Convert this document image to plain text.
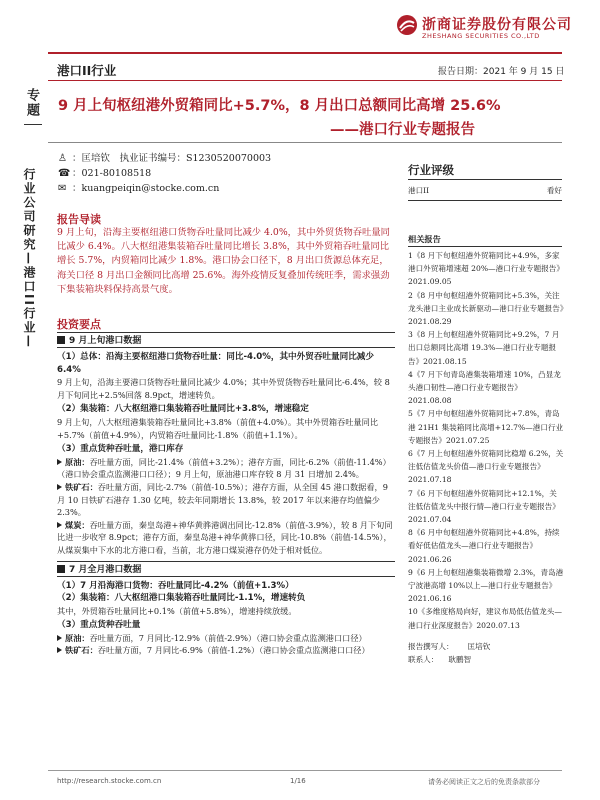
浙商证券股份有限公司
ZHESHANG SECURITIES CO.,LTD
港口II行业	报告日期：2021 年 9 月 15 日
专题
行业公司研究—港口II行业—
9 月上旬枢纽港外贸箱同比+5.7%，8 月出口总额同比高增 25.6%
——港口行业专题报告
♙ ：匡培钦　执业证书编号：S1230520070003
☎ ：021-80108518
✉ ：kuangpeiqin@stocke.com.cn
报告导读
9 月上旬，沿海主要枢纽港口货物吞吐量同比减少 4.0%，其中外贸货物吞吐量同比减少 6.4%。八大枢纽港集装箱吞吐量同比增长 3.8%，其中外贸箱吞吐量同比增长 5.7%，内贸箱同比减少 1.8%。港口协会口径下，8 月出口货源总体充足，海关口径 8 月出口金额同比高增 25.6%。海外疫情反复叠加传统旺季，需求强劲下集装箱块料保持高景气度。
投资要点
9 月上旬港口数据
（1）总体：沿海主要枢纽港口货物吞吐量：同比-4.0%，其中外贸吞吐量同比减少 6.4%
9 月上旬，沿海主要港口货物吞吐量同比减少 4.0%；其中外贸货物吞吐量同比-6.4%，较 8 月下旬同比+2.5%回落 8.9pct，增速转负。
（2）集装箱：八大枢纽港口集装箱吞吐量同比+3.8%，增速稳定
9 月上旬，八大枢纽港集装箱吞吐量同比+3.8%（前值+4.0%）。其中外贸箱吞吐量同比+5.7%（前值+4.9%），内贸箱吞吐量同比-1.8%（前值+1.1%）。
（3）重点货种吞吐量，港口库存
原油：吞吐量方面，同比-21.4%（前值+3.2%）；港存方面，同比-6.2%（前值-11.4%）（港口协会重点监测港口口径）；9 月上旬，原油港口库存较 8 月 31 日增加 2.4%。
铁矿石：吞吐量方面，同比-2.7%（前值-10.5%）；港存方面，从全国 45 港口数据看，9 月 10 日铁矿石港存 1.30 亿吨，较去年同期增长 13.8%，较 2017 年以来港存均值偏少 2.3%。
煤炭：吞吐量方面，秦皇岛港+神华黄骅港调出同比-12.8%（前值-3.9%），较 8 月下旬同比进一步收窄 8.9pct；港存方面，秦皇岛港+神华黄骅口径，同比-10.8%（前值-14.5%），从煤炭集中下水的北方港口看，当前，北方港口煤炭港存仍处于相对低位。
7 月全月港口数据
（1）7 月沿海港口货物：吞吐量同比-4.2%（前值+1.3%）
（2）集装箱：八大枢纽港口集装箱吞吐量同比-1.1%，增速转负
其中，外贸箱吞吐量同比+0.1%（前值+5.8%），增速持续放缓。
（3）重点货种吞吐量
原油：吞吐量方面，7 月同比-12.9%（前值-2.9%）（港口协会重点监测港口口径）
铁矿石：吞吐量方面，7 月同比-6.9%（前值-1.2%）（港口协会重点监测港口口径）
行业评级
港口II	看好
相关报告
1《8 月下旬枢纽港外贸箱同比+4.9%，多家港口外贸箱增速超 20%—港口行业专题报告》2021.09.05
2《8 月中旬枢纽港外贸箱同比+5.3%，关注龙头港口主业成长新驱动—港口行业专题报告》2021.08.29
3《8 月上旬枢纽港外贸箱同比+9.2%，7 月出口总额同比高增 19.3%—港口行业专题报告》2021.08.15
4《7 月下旬青岛港集装箱增速 10%，凸显龙头港口韧性—港口行业专题报告》2021.08.08
5《7 月中旬枢纽港外贸箱同比+7.8%，青岛港 21H1 集装箱同比高增+12.7%—港口行业专题报告》2021.07.25
6《7 月上旬枢纽港外贸箱同比稳增 6.2%，关注低估值龙头价值—港口行业专题报告》2021.07.18
7《6 月下旬枢纽港外贸箱同比+12.1%，关注低估值龙头中报行情—港口行业专题报告》2021.07.04
8《6 月中旬枢纽港外贸箱同比+4.8%，持续看好低估值龙头—港口行业专题报告》2021.06.26
9《6 月上旬枢纽港集装箱微增 2.3%，青岛港宁波港高增 10%以上—港口行业专题报告》2021.06.16
10《多维度格局向好，建议布局低估值龙头—港口行业深度报告》2020.07.13
报告撰写人： 匡培钦
联系人： 耿鹏智
http://research.stocke.com.cn	1/16	请务必阅读正文之后的免责条款部分
